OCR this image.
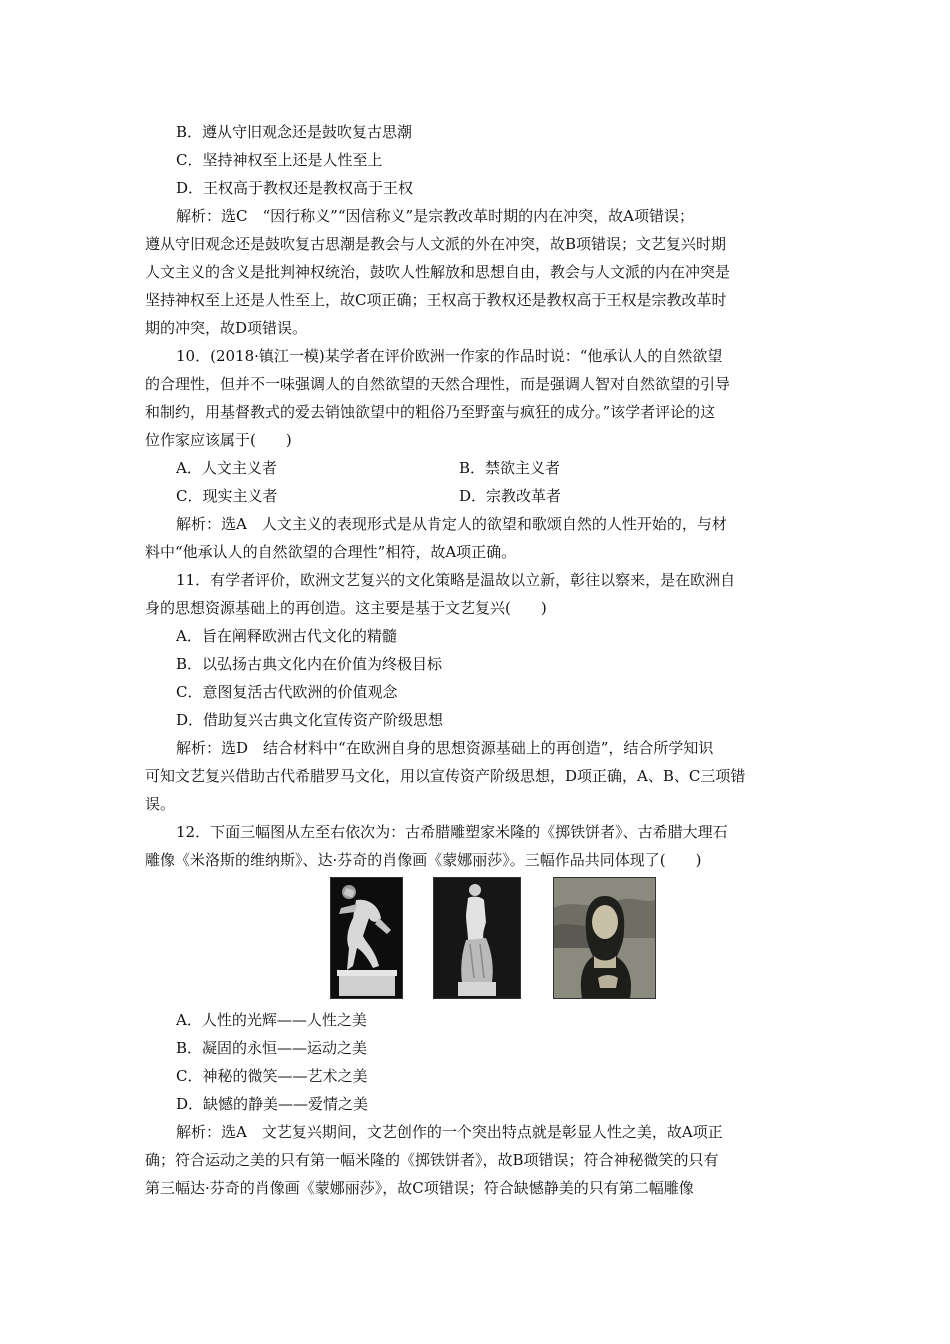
B．遵从守旧观念还是鼓吹复古思潮
C．坚持神权至上还是人性至上
D．王权高于教权还是教权高于王权
解析：选C　“因行称义”“因信称义”是宗教改革时期的内在冲突，故A项错误；
遵从守旧观念还是鼓吹复古思潮是教会与人文派的外在冲突，故B项错误；文艺复兴时期
人文主义的含义是批判神权统治，鼓吹人性解放和思想自由，教会与人文派的内在冲突是
坚持神权至上还是人性至上，故C项正确；王权高于教权还是教权高于王权是宗教改革时
期的冲突，故D项错误。
10．(2018·镇江一模)某学者在评价欧洲一作家的作品时说：“他承认人的自然欲望
的合理性，但并不一味强调人的自然欲望的天然合理性，而是强调人智对自然欲望的引导
和制约，用基督教式的爱去销蚀欲望中的粗俗乃至野蛮与疯狂的成分。”该学者评论的这
位作家应该属于(　　)
A．人文主义者	B．禁欲主义者
C．现实主义者	D．宗教改革者
解析：选A　人文主义的表现形式是从肯定人的欲望和歌颂自然的人性开始的，与材
料中“他承认人的自然欲望的合理性”相符，故A项正确。
11．有学者评价，欧洲文艺复兴的文化策略是温故以立新，彰往以察来，是在欧洲自
身的思想资源基础上的再创造。这主要是基于文艺复兴(　　)
A．旨在阐释欧洲古代文化的精髓
B．以弘扬古典文化内在价值为终极目标
C．意图复活古代欧洲的价值观念
D．借助复兴古典文化宣传资产阶级思想
解析：选D　结合材料中“在欧洲自身的思想资源基础上的再创造”，结合所学知识
可知文艺复兴借助古代希腊罗马文化，用以宣传资产阶级思想，D项正确，A、B、C三项错
误。
12．下面三幅图从左至右依次为：古希腊雕塑家米隆的《掷铁饼者》、古希腊大理石
雕像《米洛斯的维纳斯》、达·芬奇的肖像画《蒙娜丽莎》。三幅作品共同体现了(　　)
A．人性的光辉——人性之美
B．凝固的永恒——运动之美
C．神秘的微笑——艺术之美
D．缺憾的静美——爱情之美
解析：选A　文艺复兴期间，文艺创作的一个突出特点就是彰显人性之美，故A项正
确；符合运动之美的只有第一幅米隆的《掷铁饼者》，故B项错误；符合神秘微笑的只有
第三幅达·芬奇的肖像画《蒙娜丽莎》，故C项错误；符合缺憾静美的只有第二幅雕像
